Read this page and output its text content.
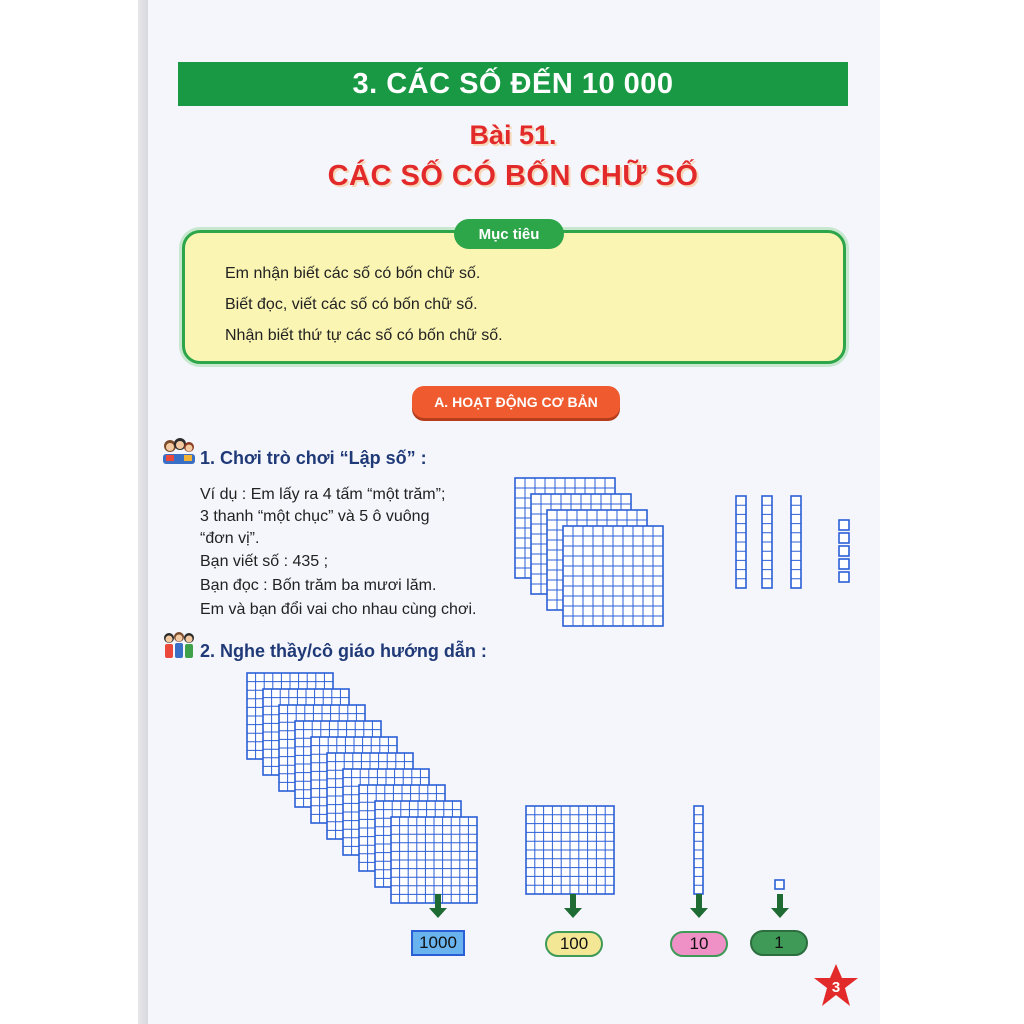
3. CÁC SỐ ĐẾN 10 000
Bài 51.
CÁC SỐ CÓ BỐN CHỮ SỐ
Em nhận biết các số có bốn chữ số.
Biết đọc, viết các số có bốn chữ số.
Nhận biết thứ tự các số có bốn chữ số.
Mục tiêu
A. HOẠT ĐỘNG CƠ BẢN
1. Chơi trò chơi “Lập số” :
Ví dụ : Em lấy ra 4 tấm “một trăm”;
3 thanh “một chục” và 5 ô vuông
“đơn vị”.
Bạn viết số : 435 ;
Bạn đọc : Bốn trăm ba mươi lăm.
Em và bạn đổi vai cho nhau cùng chơi.
2. Nghe thầy/cô giáo hướng dẫn :
1000	100	10	1
3
